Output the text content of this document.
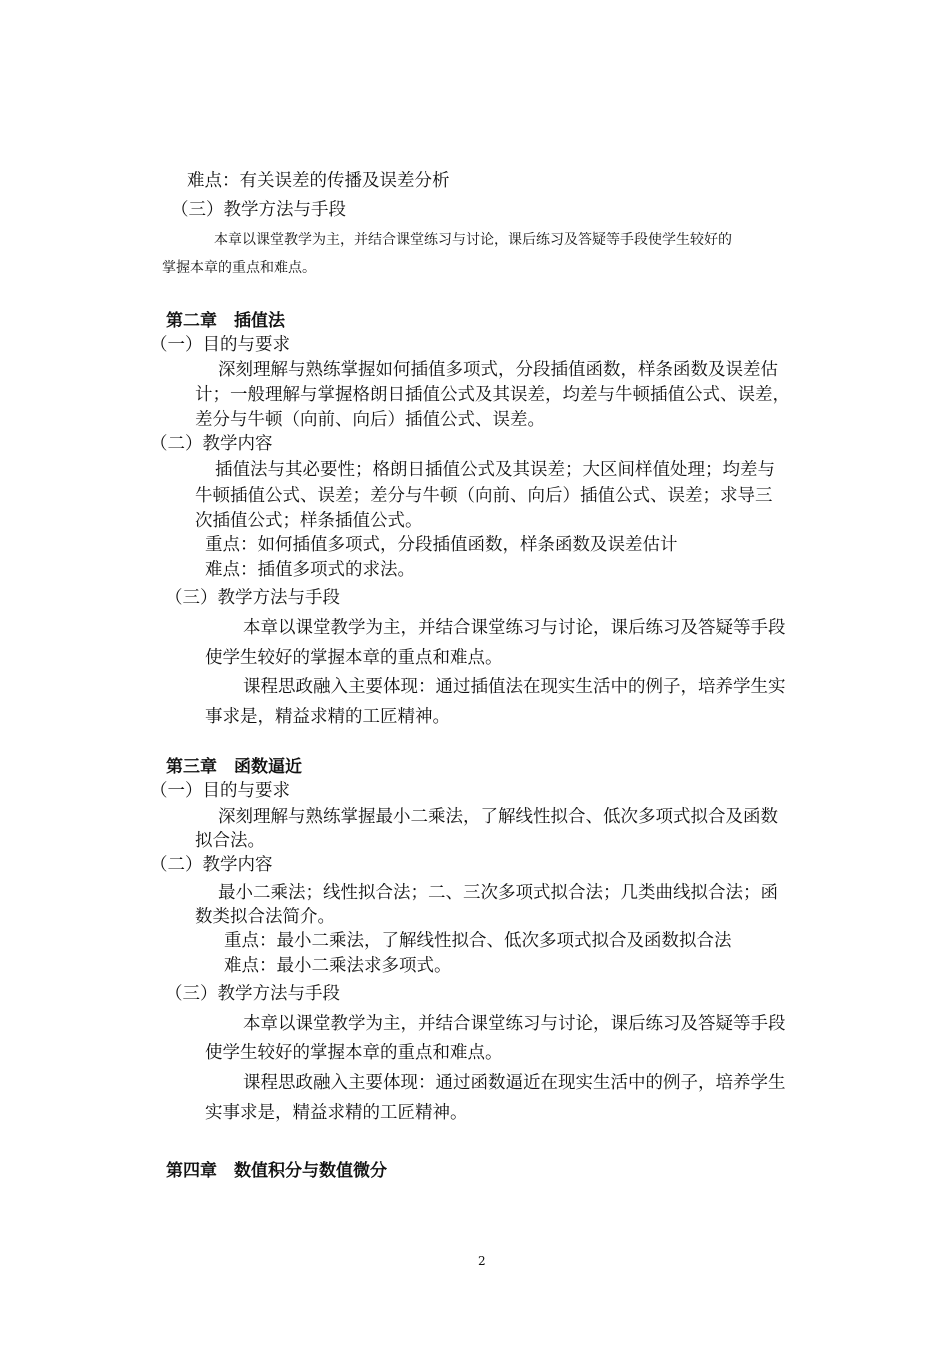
难点：有关误差的传播及误差分析
（三）教学方法与手段
本章以课堂教学为主，并结合课堂练习与讨论，课后练习及答疑等手段使学生较好的
掌握本章的重点和难点。
第二章　插值法
（一）目的与要求
深刻理解与熟练掌握如何插值多项式，分段插值函数，样条函数及误差估
计；一般理解与掌握格朗日插值公式及其误差，均差与牛顿插值公式、误差，
差分与牛顿（向前、向后）插值公式、误差。
（二）教学内容
插值法与其必要性；格朗日插值公式及其误差；大区间样值处理；均差与
牛顿插值公式、误差；差分与牛顿（向前、向后）插值公式、误差；求导三
次插值公式；样条插值公式。
重点：如何插值多项式，分段插值函数，样条函数及误差估计
难点：插值多项式的求法。
（三）教学方法与手段
本章以课堂教学为主，并结合课堂练习与讨论，课后练习及答疑等手段
使学生较好的掌握本章的重点和难点。
课程思政融入主要体现：通过插值法在现实生活中的例子，培养学生实
事求是，精益求精的工匠精神。
第三章　函数逼近
（一）目的与要求
深刻理解与熟练掌握最小二乘法，了解线性拟合、低次多项式拟合及函数
拟合法。
（二）教学内容
最小二乘法；线性拟合法；二、三次多项式拟合法；几类曲线拟合法；函
数类拟合法简介。
重点：最小二乘法，了解线性拟合、低次多项式拟合及函数拟合法
难点：最小二乘法求多项式。
（三）教学方法与手段
本章以课堂教学为主，并结合课堂练习与讨论，课后练习及答疑等手段
使学生较好的掌握本章的重点和难点。
课程思政融入主要体现：通过函数逼近在现实生活中的例子，培养学生
实事求是，精益求精的工匠精神。
第四章　数值积分与数值微分
2
